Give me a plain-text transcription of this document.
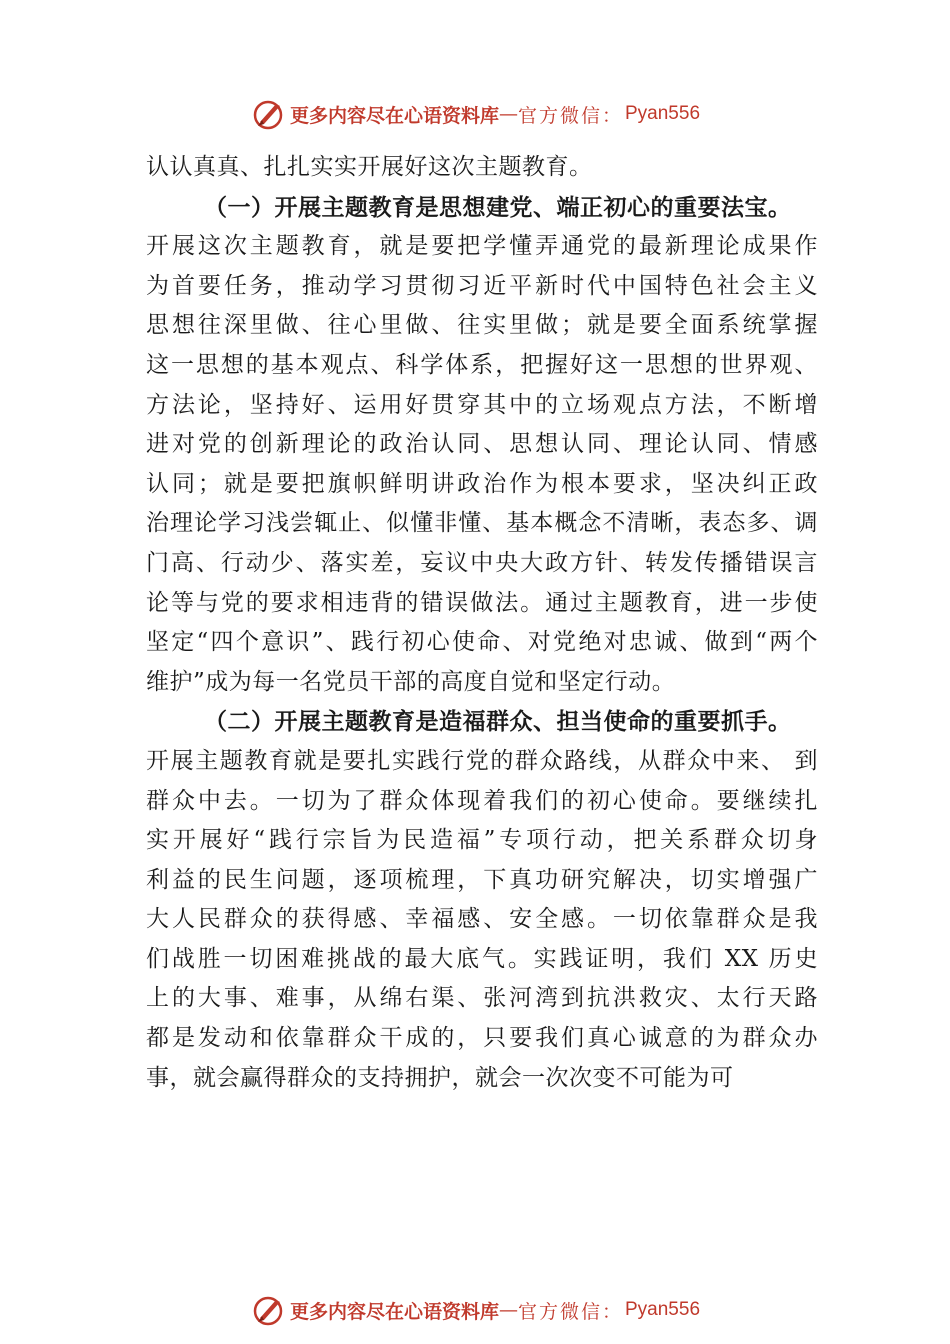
更多内容尽在心语资料库 — 官方微信： Pyan556
认认真真、扎扎实实开展好这次主题教育。
（一）开展主题教育是思想建党、端正初心的重要法宝。
开展这次主题教育，就是要把学懂弄通党的最新理论成果作
为首要任务，推动学习贯彻习近平新时代中国特色社会主义
思想往深里做、往心里做、往实里做；就是要全面系统掌握
这一思想的基本观点、科学体系，把握好这一思想的世界观、
方法论，坚持好、运用好贯穿其中的立场观点方法，不断增
进对党的创新理论的政治认同、思想认同、理论认同、情感
认同；就是要把旗帜鲜明讲政治作为根本要求，坚决纠正政
治理论学习浅尝辄止、似懂非懂、基本概念不清晰，表态多、调
门高、行动少、落实差，妄议中央大政方针、转发传播错误言
论等与党的要求相违背的错误做法。通过主题教育，进一步使
坚定“四个意识”、践行初心使命、对党绝对忠诚、做到“两个
维护”成为每一名党员干部的高度自觉和坚定行动。
（二）开展主题教育是造福群众、担当使命的重要抓手。
开展主题教育就是要扎实践行党的群众路线，从群众中来、 到
群众中去。一切为了群众体现着我们的初心使命。要继续扎
实开展好“践行宗旨为民造福”专项行动，把关系群众切身
利益的民生问题，逐项梳理，下真功研究解决，切实增强广
大人民群众的获得感、幸福感、安全感。一切依靠群众是我
们战胜一切困难挑战的最大底气。实践证明，我们 XX 历史
上的大事、难事，从绵右渠、张河湾到抗洪救灾、太行天路
都是发动和依靠群众干成的，只要我们真心诚意的为群众办
事，就会赢得群众的支持拥护，就会一次次变不可能为可
更多内容尽在心语资料库 — 官方微信： Pyan556
